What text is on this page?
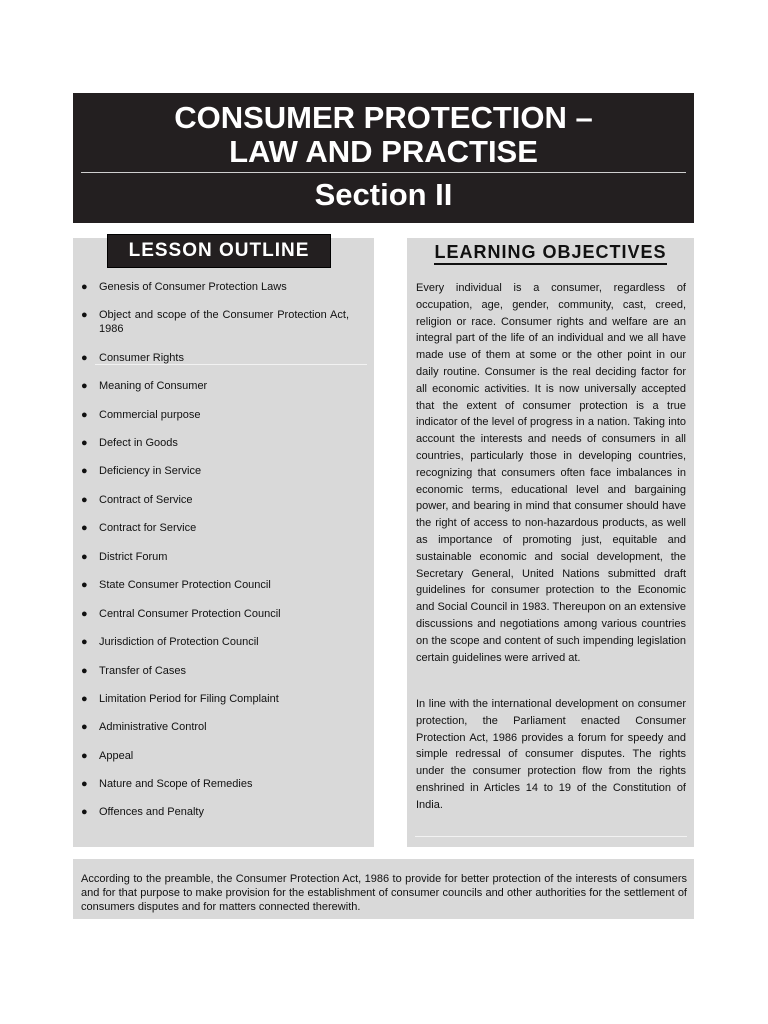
CONSUMER PROTECTION –
LAW AND PRACTISE
Section II
LESSON OUTLINE
● Genesis of Consumer Protection Laws
● Object and scope of the Consumer Protection Act, 1986
● Consumer Rights
● Meaning of Consumer
● Commercial purpose
● Defect in Goods
● Deficiency in Service
● Contract of Service
● Contract for Service
● District Forum
● State Consumer Protection Council
● Central Consumer Protection Council
● Jurisdiction of Protection Council
● Transfer of Cases
● Limitation Period for Filing Complaint
● Administrative Control
● Appeal
● Nature and Scope of Remedies
● Offences and Penalty
LEARNING OBJECTIVES
Every individual is a consumer, regardless of occupation, age, gender, community, cast, creed, religion or race. Consumer rights and welfare are an integral part of the life of an individual and we all have made use of them at some or the other point in our daily routine. Consumer is the real deciding factor for all economic activities. It is now universally accepted that the extent of consumer protection is a true indicator of the level of progress in a nation. Taking into account the interests and needs of consumers in all countries, particularly those in developing countries, recognizing that consumers often face imbalances in economic terms, educational level and bargaining power, and bearing in mind that consumer should have the right of access to non-hazardous products, as well as importance of promoting just, equitable and sustainable economic and social development, the Secretary General, United Nations submitted draft guidelines for consumer protection to the Economic and Social Council in 1983. Thereupon on an extensive discussions and negotiations among various countries on the scope and content of such impending legislation certain guidelines were arrived at.
In line with the international development on consumer protection, the Parliament enacted Consumer Protection Act, 1986 provides a forum for speedy and simple redressal of consumer disputes. The rights under the consumer protection flow from the rights enshrined in Articles 14 to 19 of the Constitution of India.

According to the preamble, the Consumer Protection Act, 1986 to provide for better protection of the interests of consumers and for that purpose to make provision for the establishment of consumer councils and other authorities for the settlement of consumers disputes and for matters connected therewith.
